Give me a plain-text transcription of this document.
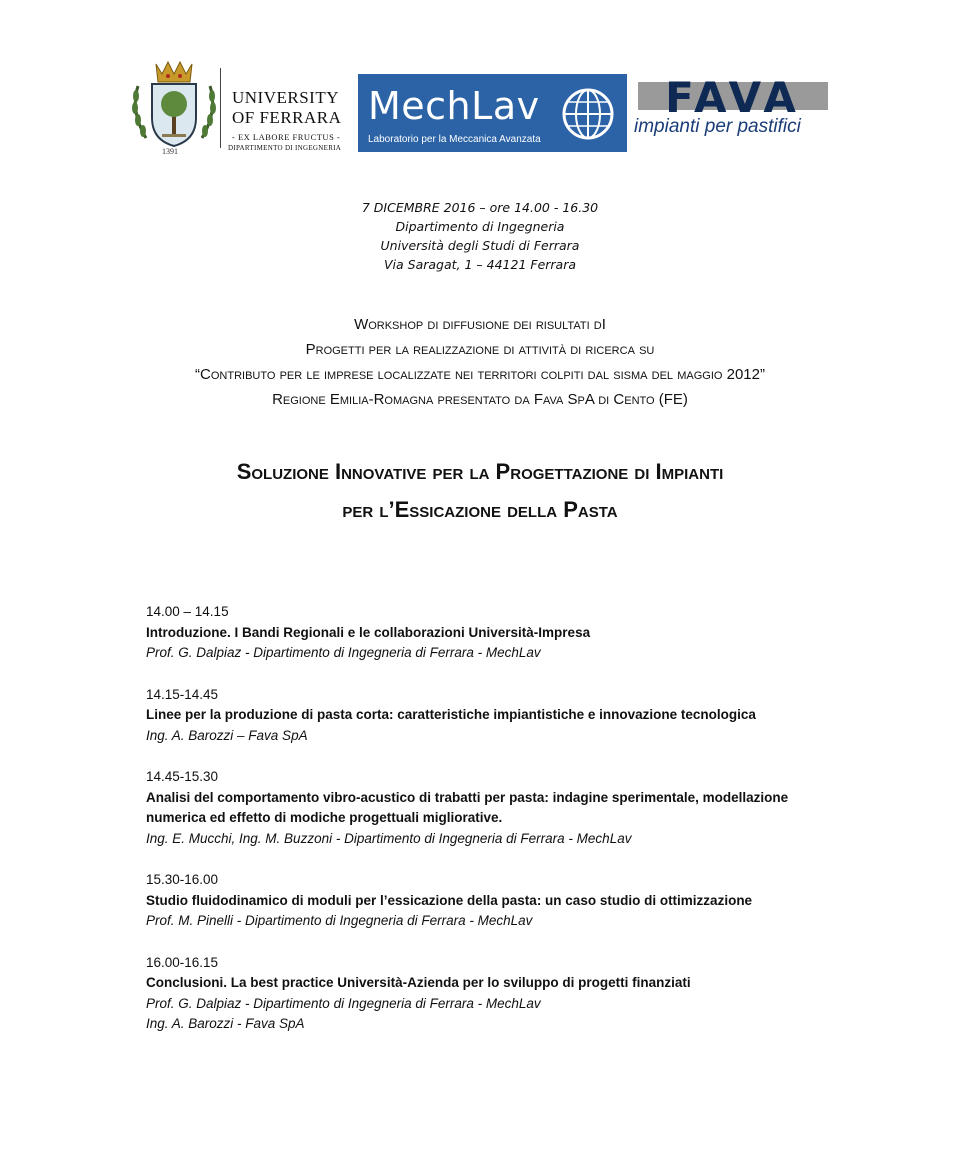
1391
UNIVERSITY
OF FERRARA
- EX LABORE FRUCTUS -
DIPARTIMENTO DI INGEGNERIA
MechLav
Laboratorio per la Meccanica Avanzata
FAVA
impianti per pastifici
7 DICEMBRE 2016 – ore 14.00 - 16.30
Dipartimento di Ingegneria
Università degli Studi di Ferrara
Via Saragat, 1 – 44121 Ferrara
Workshop di diffusione dei risultati dI
Progetti per la realizzazione di attività di ricerca su
“Contributo per le imprese localizzate nei territori colpiti dal sisma del maggio 2012”
Regione Emilia-Romagna presentato da Fava SpA di Cento (FE)
Soluzione Innovative per la Progettazione di Impianti
per l’Essicazione della Pasta
14.00 – 14.15
Introduzione. I Bandi Regionali e le collaborazioni Università-Impresa
Prof. G. Dalpiaz - Dipartimento di Ingegneria di Ferrara - MechLav
14.15-14.45
Linee per la produzione di pasta corta: caratteristiche impiantistiche e innovazione tecnologica
Ing. A. Barozzi – Fava SpA
14.45-15.30
Analisi del comportamento vibro-acustico di trabatti per pasta: indagine sperimentale, modellazione numerica ed effetto di modiche progettuali migliorative.
Ing. E. Mucchi, Ing. M. Buzzoni - Dipartimento di Ingegneria di Ferrara - MechLav
15.30-16.00
Studio fluidodinamico di moduli per l’essicazione della pasta: un caso studio di ottimizzazione
Prof. M. Pinelli - Dipartimento di Ingegneria di Ferrara - MechLav
16.00-16.15
Conclusioni. La best practice Università-Azienda per lo sviluppo di progetti finanziati
Prof. G. Dalpiaz - Dipartimento di Ingegneria di Ferrara - MechLav
Ing. A. Barozzi - Fava SpA
